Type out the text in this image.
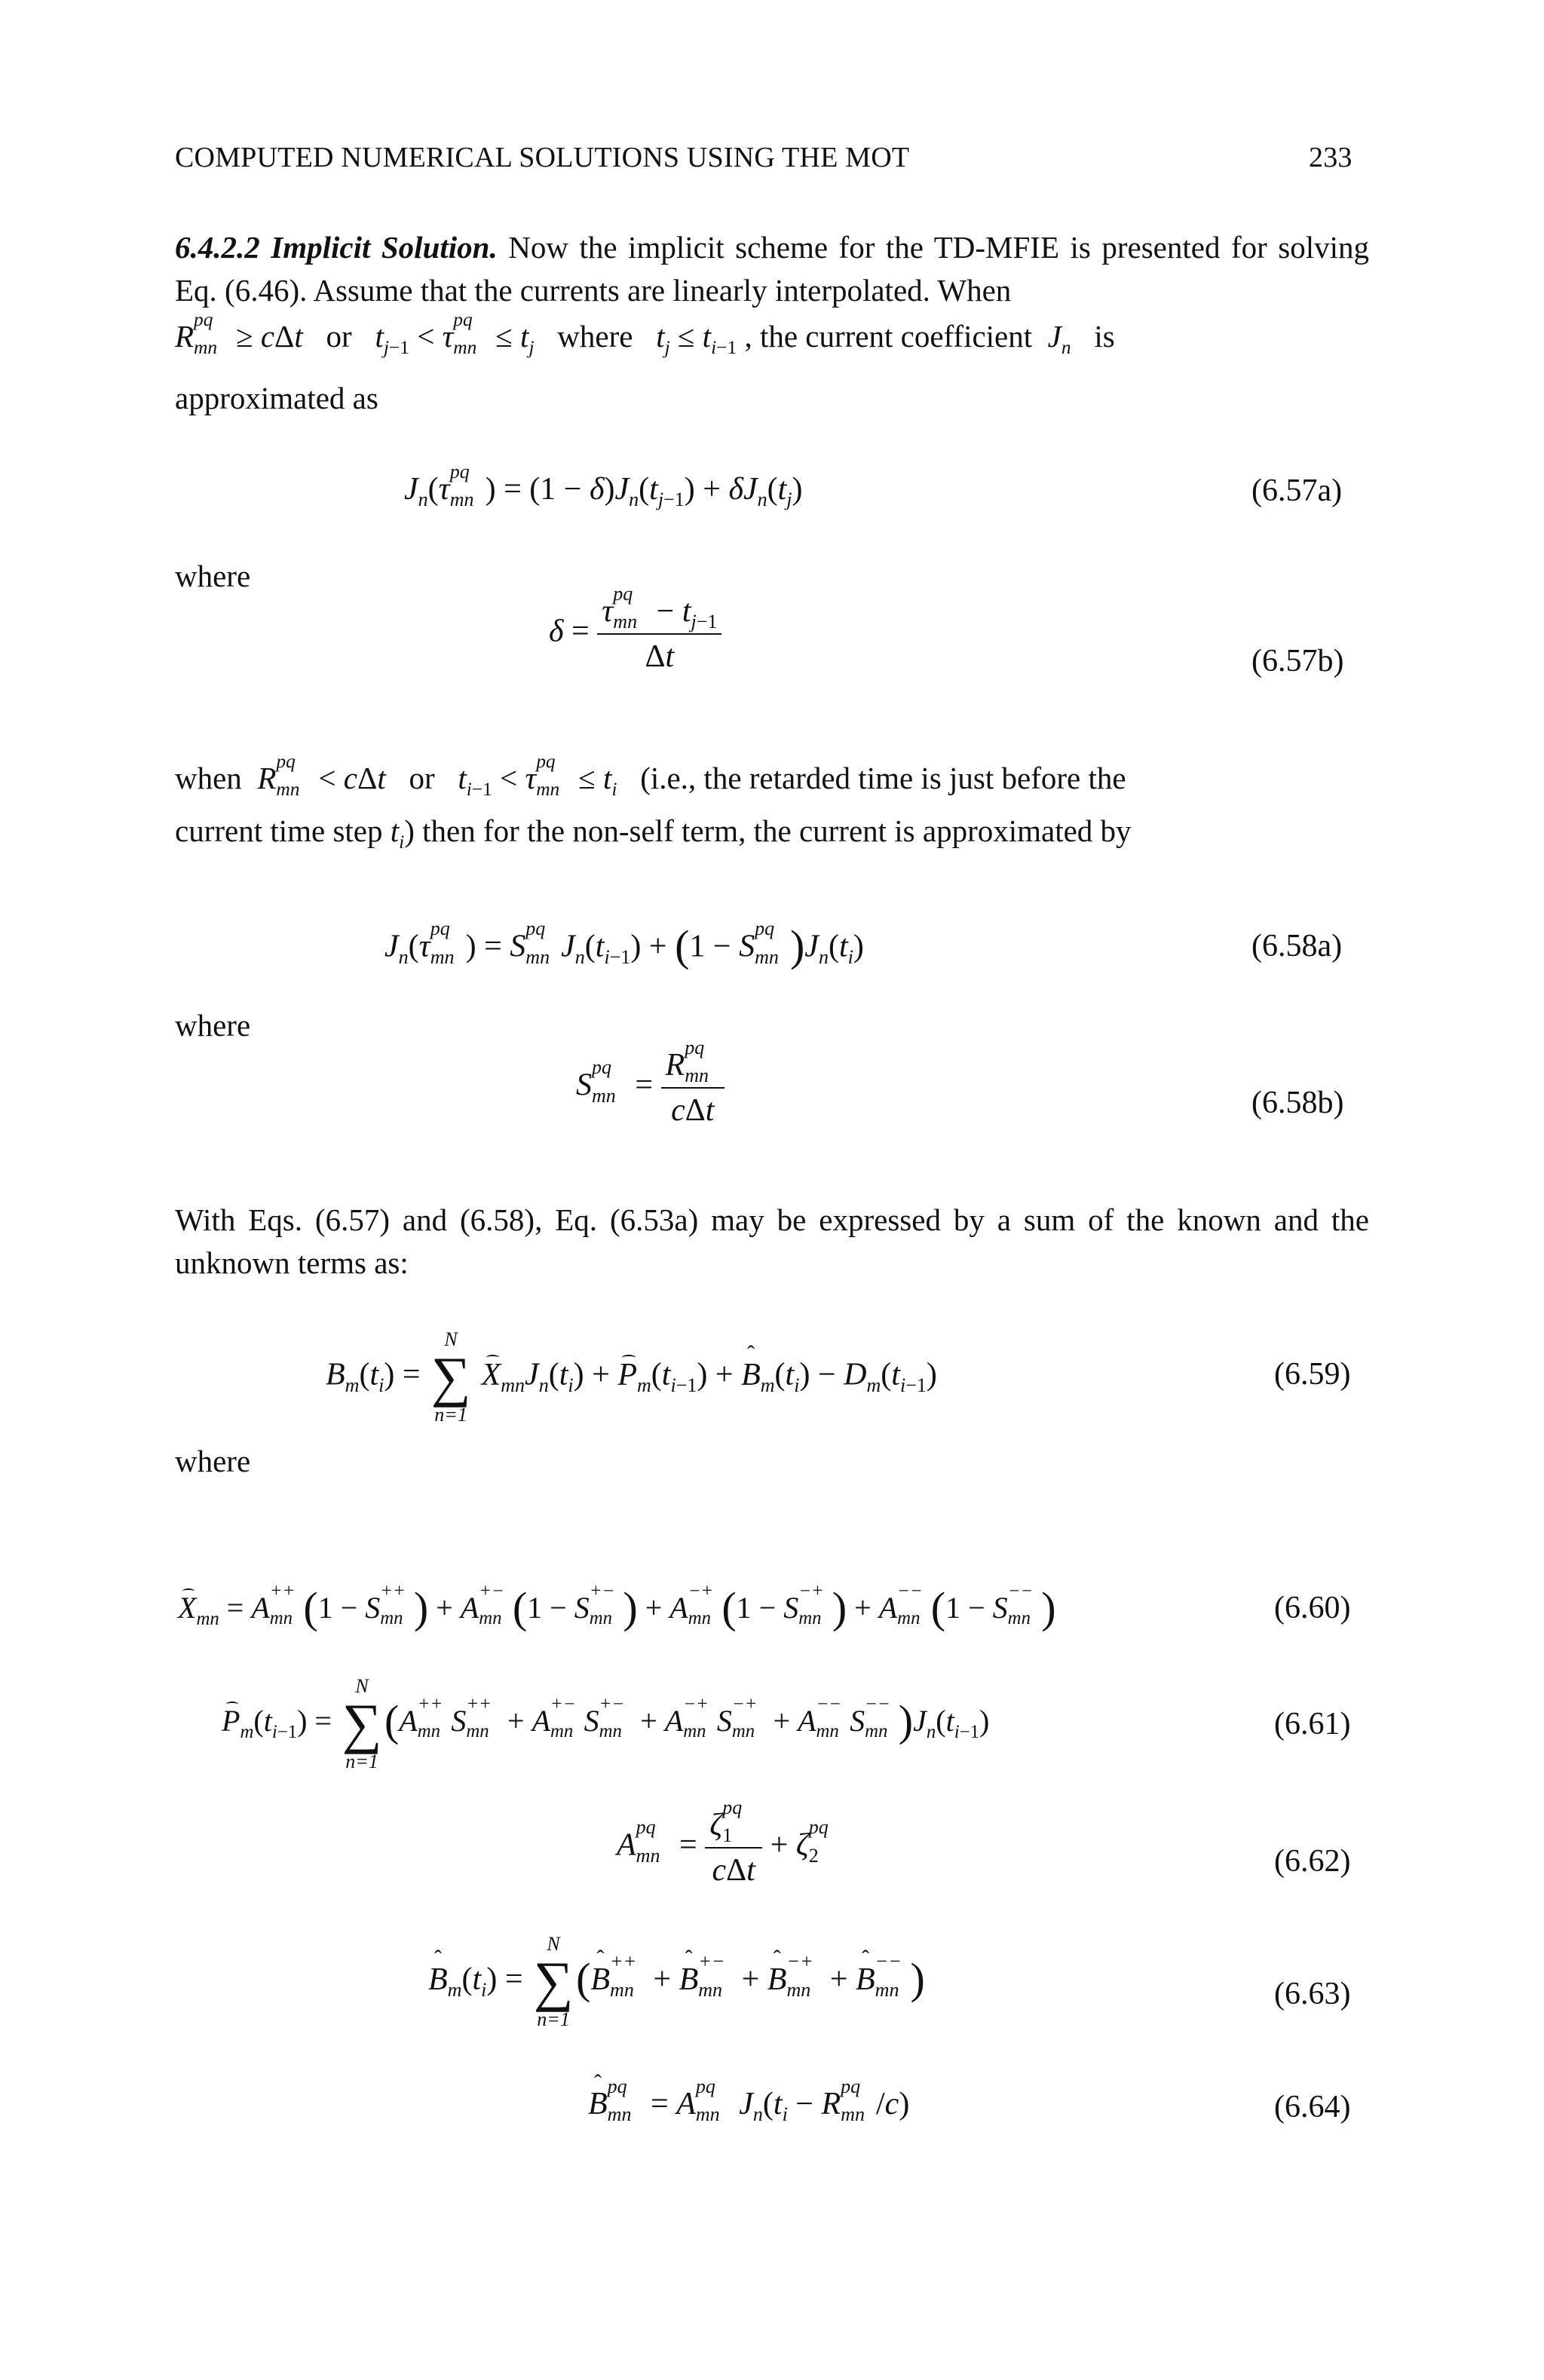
COMPUTED NUMERICAL SOLUTIONS USING THE MOT	233
6.4.2.2 Implicit Solution. Now the implicit scheme for the TD-MFIE is presented for solving Eq. (6.46). Assume that the currents are linearly interpolated. When
R pq
mn ≥ cΔt or $t_{j-1} < \tau$ pq
mn ≤ $t_j$ where $t_j \le t_{i-1}$ , the current coefficient $J_n$ is
approximated as
$J_n(\tau$
pq
mn ) = $(1 - \delta)J_n(t_{j-1}) + \delta J_n(t_j)$	(6.57a)
where
δ = τ
pq
mn − $t_{j-1}$
Δt	(6.57b)
when R pq
mn < cΔt or $t_{i-1} < \tau$ pq
mn ≤ $t_i$ (i.e., the retarded time is just before the
current time step $t_i$) then for the non-self term, the current is approximated by
$J_n(\tau$
pq
mn ) = S
pq
mn $J_n(t_{i-1}) + (1 - S$
pq
mn )$J_n(t_i)$	(6.58a)
where
S
pq
mn = R
pq
mn
cΔt	(6.58b)
With Eqs. (6.57) and (6.58), Eq. (6.53a) may be expressed by a sum of the known and the unknown terms as:
$B_m(t_i)$ =
N
∑
n=1
$X_{mn}J_n(t_i) + P_m(t_{i-1})$ + ˆ $B_m(t_i) - D_m(t_{i-1})$	(6.59)
where
$X_{mn} = A$ ++
mn (1 − S ++
mn ) + A +−
mn (1 − S +−
mn ) + A −+
mn (1 − S −+
mn ) + A −−
mn (1 − S −−
mn )	(6.60)
$P_m(t_{i-1})$ =
N
∑
n=1
(A ++
mn S ++
mn + A +−
mn S +−
mn + A −+
mn S −+
mn + A −−
mn S −−
mn )$J_n(t_{i-1})$	(6.61)
A
pq
mn = ζ
pq
1
cΔt + ζ
pq
2	(6.62)
ˆ $B_m(t_i)$ =
N
∑
n=1
(ˆ B
++
mn + ˆ B
+−
mn + ˆ B
−+
mn + ˆ B
−−
mn )	(6.63)
ˆ B
pq
mn = A
pq
mn $J_n(t_i - R$
pq
mn /c)	(6.64)
